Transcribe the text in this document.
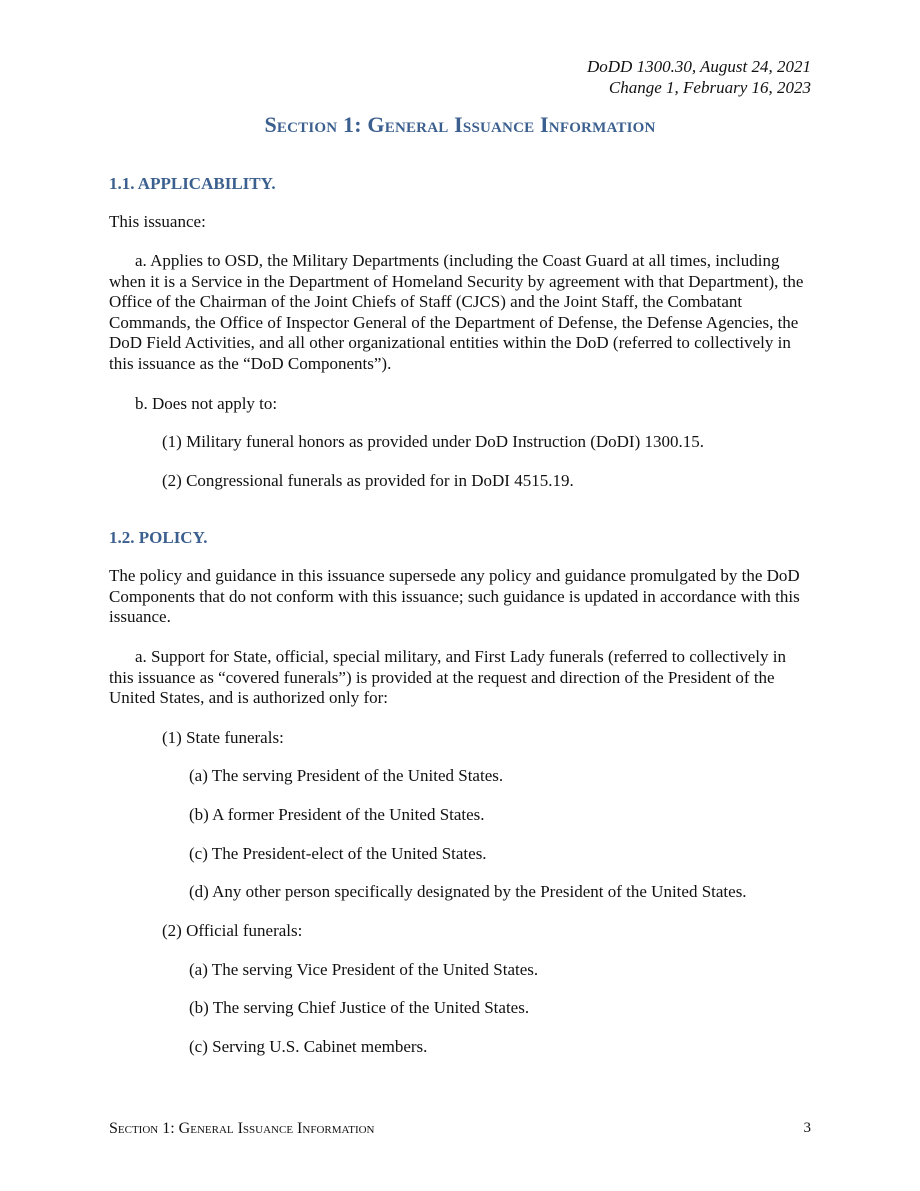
DoDD 1300.30, August 24, 2021
Change 1, February 16, 2023
Section 1: General Issuance Information
1.1. APPLICABILITY.
This issuance:

a. Applies to OSD, the Military Departments (including the Coast Guard at all times, including when it is a Service in the Department of Homeland Security by agreement with that Department), the Office of the Chairman of the Joint Chiefs of Staff (CJCS) and the Joint Staff, the Combatant Commands, the Office of Inspector General of the Department of Defense, the Defense Agencies, the DoD Field Activities, and all other organizational entities within the DoD (referred to collectively in this issuance as the “DoD Components”).

b. Does not apply to:
(1) Military funeral honors as provided under DoD Instruction (DoDI) 1300.15.
(2) Congressional funerals as provided for in DoDI 4515.19.
1.2. POLICY.

The policy and guidance in this issuance supersede any policy and guidance promulgated by the DoD Components that do not conform with this issuance; such guidance is updated in accordance with this issuance.

a. Support for State, official, special military, and First Lady funerals (referred to collectively in this issuance as “covered funerals”) is provided at the request and direction of the President of the United States, and is authorized only for:

(1) State funerals:
(a) The serving President of the United States.
(b) A former President of the United States.
(c) The President-elect of the United States.
(d) Any other person specifically designated by the President of the United States.
(2) Official funerals:
(a) The serving Vice President of the United States.
(b) The serving Chief Justice of the United States.
(c) Serving U.S. Cabinet members.
Section 1: General Issuance Information	3
